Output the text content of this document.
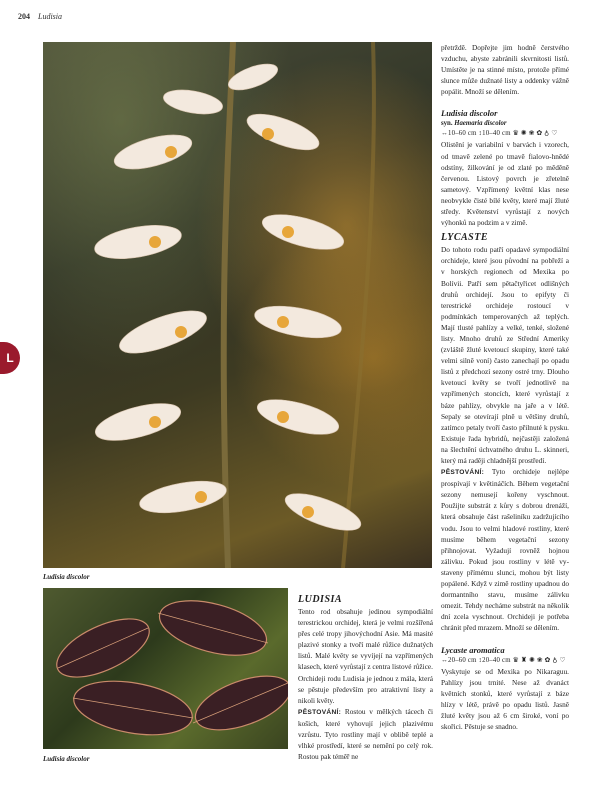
204 Ludisia
L
Ludisia discolor
Ludisia discolor

přetrždě. Dopřejte jim hodně čerstvého vzduchu, abyste zabránili skvrnitosti listů. Umístěte je na stinné místo, protože přímé slunce může dužnaté listy a oddenky vážně popálit. Množí se dělením.

Ludisia discolor
syn. Haemaria discolor
↔10–60 cm ↕10–40 cm ♛ ✺ ❀ ✿ ♁ ♡

Olistění je variabilní v barvách i vzorech, od tmavě zelené po tmavě fialovo-hnědé odstíny, žilkování je od zlaté po měděně červenou. Listový povrch je zřetelně sametový. Vzpřímený květní klas nese neobvykle čisté bílé květy, které mají žluté středy. Květenství vyrůstají z nových výhonků na podzim a v zimě.

LYCASTE

Do tohoto rodu patří opadavé sympodiální orchideje, které jsou původní na pobřeží a v horských regionech od Mexika po Bolívii. Patří sem pětačtyřicet odlišných druhů orchidejí. Jsou to epifyty či terestrické orchideje rostoucí v podmínkách temperovaných až teplých. Mají tlusté pahlízy a velké, tenké, složené listy. Mnoho druhů ze Střední Ameriky (zvláště žluté kvetoucí skupiny, které také velmi silně voní) často zanechají po opadu listů z předchozí sezony ostré trny. Dlouho kvetoucí květy se tvoří jednotlivě na vzpřímených stoncích, které vyrůstají z báze pahlízy, obvykle na jaře a v létě. Sepaly se otevírají plně u většiny druhů, zatímco petaly tvoří často přilnuté k pysku. Existuje řada hybridů, nejčastěji založená na šlechtění úchvatného druhu L. skinneri, který má raději chladnější prostředí.

PĚSTOVÁNÍ: Tyto orchideje nejlépe prospívají v květináčích. Během vegetační sezony nemusejí kořeny vyschnout. Použijte substrát z kůry s dobrou drenáží, která obsahuje část rašeliníku zadržujícího vodu. Jsou to velmi hladové rostliny, které musíme během vegetační sezony přihnojovat. Vyžadují rovněž hojnou zálivku. Pokud jsou rostliny v létě vystaveny přímému slunci, mohou být listy popálené. Když v zimě rostliny upadnou do dormantního stavu, musíme zálivku omezit. Tehdy necháme substrát na několik dní zcela vyschnout. Orchideji je potřeba chránit před mrazem. Množí se dělením.

Lycaste aromatica
↔20–60 cm ↕20–40 cm ♛ ♜ ✺ ❀ ✿ ♁ ♡

Vyskytuje se od Mexika po Nikaraguu. Pahlízy jsou trnité. Nese až dvanáct květních stonků, které vyrůstají z báze hlízy v létě, právě po opadu listů. Jasně žluté květy jsou až 6 cm široké, voní po skořici. Pěstuje se snadno.

LUDISIA

Tento rod obsahuje jedinou sympodiální terestrickou orchidej, která je velmi rozšířená přes celé tropy jihovýchodní Asie. Má masité plazivé stonky a tvoří malé růžice dužnatých listů. Malé květy se vyvíjejí na vzpřímených klasech, které vyrůstají z centra listové růžice. Orchideji rodu Ludisia je jednou z mála, která se pěstuje především pro atraktivní listy a nikoli květy.

PĚSTOVÁNÍ: Rostou v mělkých tácech či košich, které vyhovují jejich plazivému vzrůstu. Tyto rostliny mají v oblibě teplé a vlhké prostředí, které se nemění po celý rok. Rostou pak téměř ne
